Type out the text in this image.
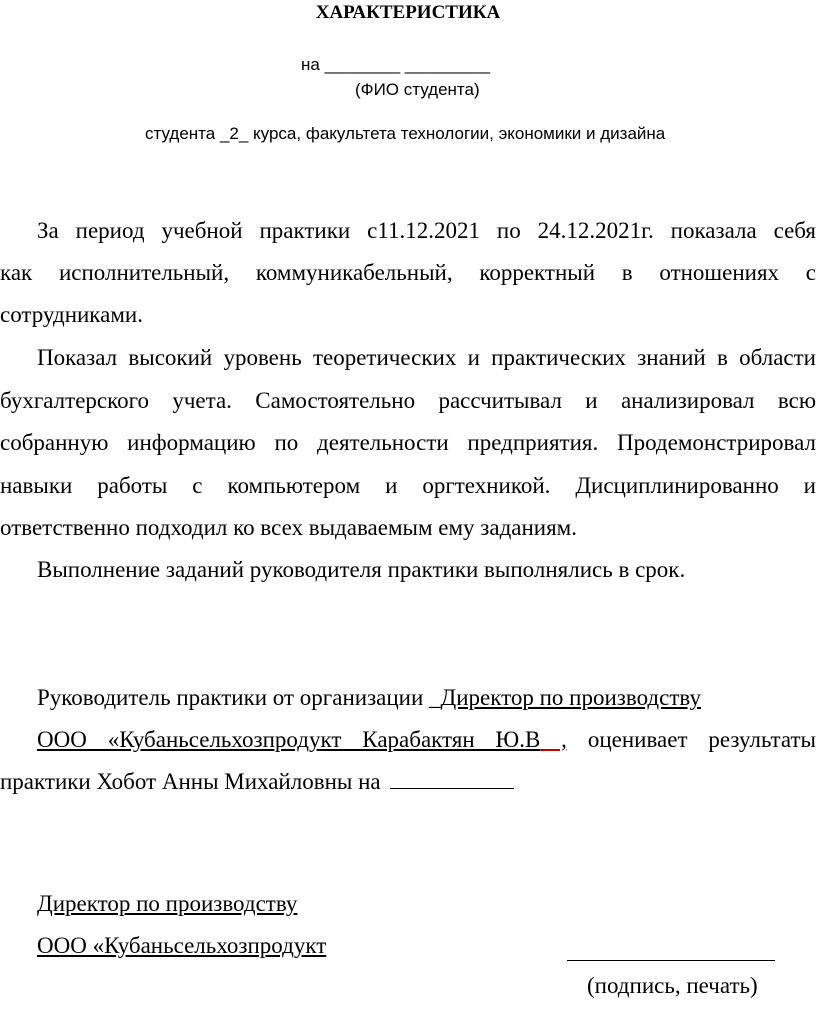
ХАРАКТЕРИСТИКА
на ________ _________
(ФИО студента)
студента _2_ курса, факультета технологии, экономики и дизайна
За период учебной практики с11.12.2021 по 24.12.2021г. показала себя
как исполнительный, коммуникабельный, корректный в отношениях с
сотрудниками.
Показал высокий уровень теоретических и практических знаний в области
бухгалтерского учета. Самостоятельно рассчитывал и анализировал всю
собранную информацию по деятельности предприятия. Продемонстрировал
навыки работы с компьютером и оргтехникой. Дисциплинированно и
ответственно подходил ко всех выдаваемым ему заданиям.
Выполнение заданий руководителя практики выполнялись в срок.
Руководитель практики от организации _Директор по производству
ООО «Кубаньсельхозпродукт Карабактян Ю.В , оценивает результаты
практики Хобот Анны Михайловны на
Директор по производству
ООО «Кубаньсельхозпродукт
(подпись, печать)
